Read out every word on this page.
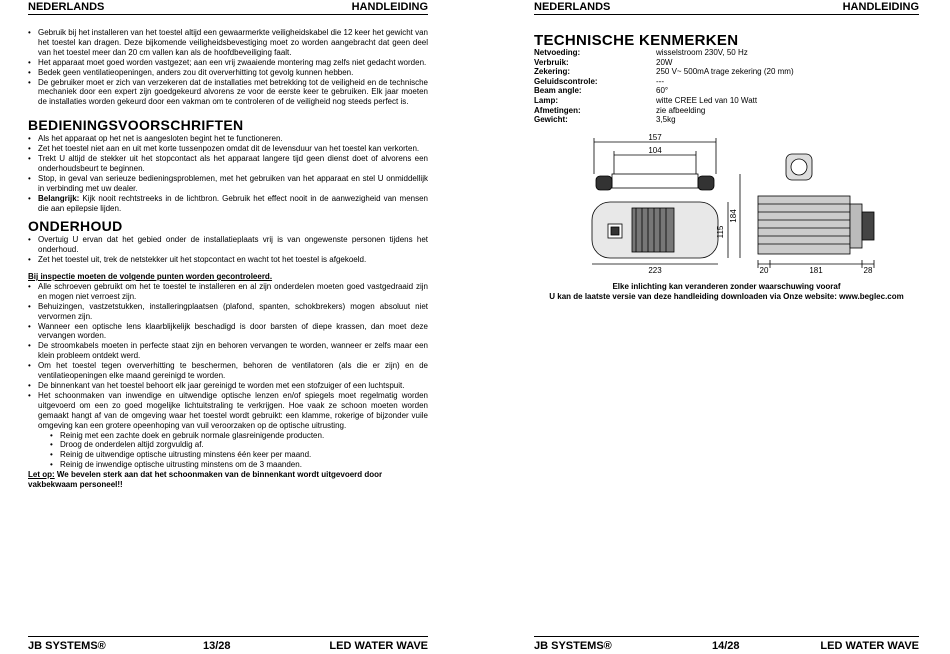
NEDERLANDS	HANDLEIDING
• Gebruik bij het installeren van het toestel altijd een gewaarmerkte veiligheidskabel die 12 keer het gewicht van het toestel kan dragen. Deze bijkomende veiligheidsbevestiging moet zo worden aangebracht dat geen deel van het toestel meer dan 20 cm vallen kan als de hoofdbeveiliging faalt.
• Het apparaat moet goed worden vastgezet; aan een vrij zwaaiende montering mag zelfs niet gedacht worden.
• Bedek geen ventilatieopeningen, anders zou dit oververhitting tot gevolg kunnen hebben.
• De gebruiker moet er zich van verzekeren dat de installaties met betrekking tot de veiligheid en de technische mechaniek door een expert zijn goedgekeurd alvorens ze voor de eerste keer te gebruiken. Elk jaar moeten de installaties worden gekeurd door een vakman om te controleren of de veiligheid nog steeds perfect is.
BEDIENINGSVOORSCHRIFTEN
• Als het apparaat op het net is aangesloten begint het te functioneren.
• Zet het toestel niet aan en uit met korte tussenpozen omdat dit de levensduur van het toestel kan verkorten.
• Trekt U altijd de stekker uit het stopcontact als het apparaat langere tijd geen dienst doet of alvorens een onderhoudsbeurt te beginnen.
• Stop, in geval van serieuze bedieningsproblemen, met het gebruiken van het apparaat en stel U onmiddellijk in verbinding met uw dealer.
• Belangrijk: Kijk nooit rechtstreeks in de lichtbron. Gebruik het effect nooit in de aanwezigheid van mensen die aan epilepsie lijden.
ONDERHOUD
• Overtuig U ervan dat het gebied onder de installatieplaats vrij is van ongewenste personen tijdens het onderhoud.
• Zet het toestel uit, trek de netstekker uit het stopcontact en wacht tot het toestel is afgekoeld.
Bij inspectie moeten de volgende punten worden gecontroleerd.
• Alle schroeven gebruikt om het te toestel te installeren en al zijn onderdelen moeten goed vastgedraaid zijn en mogen niet verroest zijn.
• Behuizingen, vastzetstukken, installeringplaatsen (plafond, spanten, schokbrekers) mogen absoluut niet vervormen zijn.
• Wanneer een optische lens klaarblijkelijk beschadigd is door barsten of diepe krassen, dan moet deze vervangen worden.
• De stroomkabels moeten in perfecte staat zijn en behoren vervangen te worden, wanneer er zelfs maar een klein probleem ontdekt werd.
• Om het toestel tegen oververhitting te beschermen, behoren de ventilatoren (als die er zijn) en de ventilatieopeningen elke maand gereinigd te worden.
• De binnenkant van het toestel behoort elk jaar gereinigd te worden met een stofzuiger of een luchtspuit.
• Het schoonmaken van inwendige en uitwendige optische lenzen en/of spiegels moet regelmatig worden uitgevoerd om een zo goed mogelijke lichtuitstraling te verkrijgen. Hoe vaak ze schoon moeten worden gemaakt hangt af van de omgeving waar het toestel wordt gebruikt: een klamme, rokerige of bijzonder vuile omgeving kan een grotere opeenhoping van vuil veroorzaken op de optische uitrusting.
• Reinig met een zachte doek en gebruik normale glasreinigende producten.
• Droog de onderdelen altijd zorgvuldig af.
• Reinig de uitwendige optische uitrusting minstens één keer per maand.
• Reinig de inwendige optische uitrusting minstens om de 3 maanden.
Let op: We bevelen sterk aan dat het schoonmaken van de binnenkant wordt uitgevoerd door vakbekwaam personeel!!
JB SYSTEMS®	13/28	LED WATER WAVE
NEDERLANDS	HANDLEIDING
TECHNISCHE KENMERKEN
Netvoeding:	wisselstroom 230V, 50 Hz
Verbruik:	20W
Zekering:	250 V~ 500mA trage zekering (20 mm)
Geluidscontrole:	---
Beam angle:	60°
Lamp:	witte CREE Led van 10 Watt
Afmetingen:	zie afbeelding
Gewicht:	3,5kg
157
104
223
115
184
20	181	28
Elke inlichting kan veranderen zonder waarschuwing vooraf
U kan de laatste versie van deze handleiding downloaden via Onze website: www.beglec.com
JB SYSTEMS®	14/28	LED WATER WAVE
